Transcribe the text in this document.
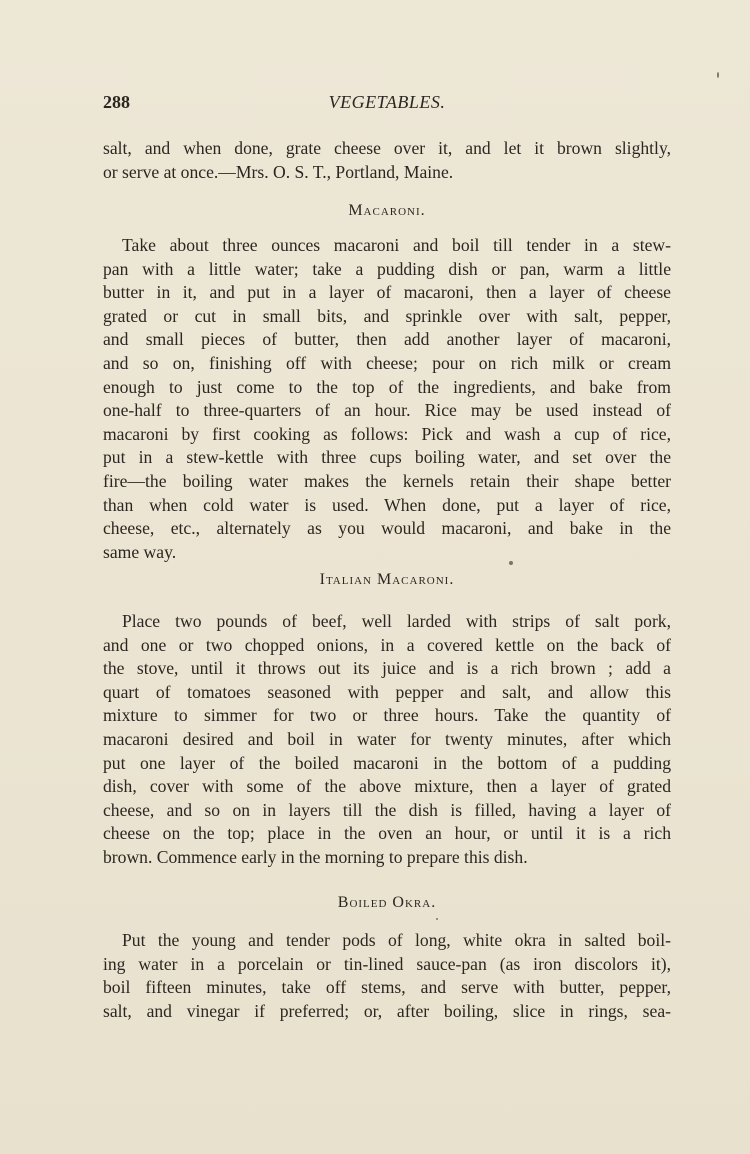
288	VEGETABLES.
salt, and when done, grate cheese over it, and let it brown slightly,
or serve at once.—Mrs. O. S. T., Portland, Maine.
Macaroni.
Take about three ounces macaroni and boil till tender in a stew-
pan with a little water; take a pudding dish or pan, warm a little
butter in it, and put in a layer of macaroni, then a layer of cheese
grated or cut in small bits, and sprinkle over with salt, pepper,
and small pieces of butter, then add another layer of macaroni,
and so on, finishing off with cheese; pour on rich milk or cream
enough to just come to the top of the ingredients, and bake from
one-half to three-quarters of an hour. Rice may be used instead of
macaroni by first cooking as follows: Pick and wash a cup of rice,
put in a stew-kettle with three cups boiling water, and set over the
fire—the boiling water makes the kernels retain their shape better
than when cold water is used. When done, put a layer of rice,
cheese, etc., alternately as you would macaroni, and bake in the
same way.
Italian Macaroni.
Place two pounds of beef, well larded with strips of salt pork,
and one or two chopped onions, in a covered kettle on the back of
the stove, until it throws out its juice and is a rich brown ; add a
quart of tomatoes seasoned with pepper and salt, and allow this
mixture to simmer for two or three hours. Take the quantity of
macaroni desired and boil in water for twenty minutes, after which
put one layer of the boiled macaroni in the bottom of a pudding
dish, cover with some of the above mixture, then a layer of grated
cheese, and so on in layers till the dish is filled, having a layer of
cheese on the top; place in the oven an hour, or until it is a rich
brown. Commence early in the morning to prepare this dish.
Boiled Okra.
Put the young and tender pods of long, white okra in salted boil-
ing water in a porcelain or tin-lined sauce-pan (as iron discolors it),
boil fifteen minutes, take off stems, and serve with butter, pepper,
salt, and vinegar if preferred; or, after boiling, slice in rings, sea-
